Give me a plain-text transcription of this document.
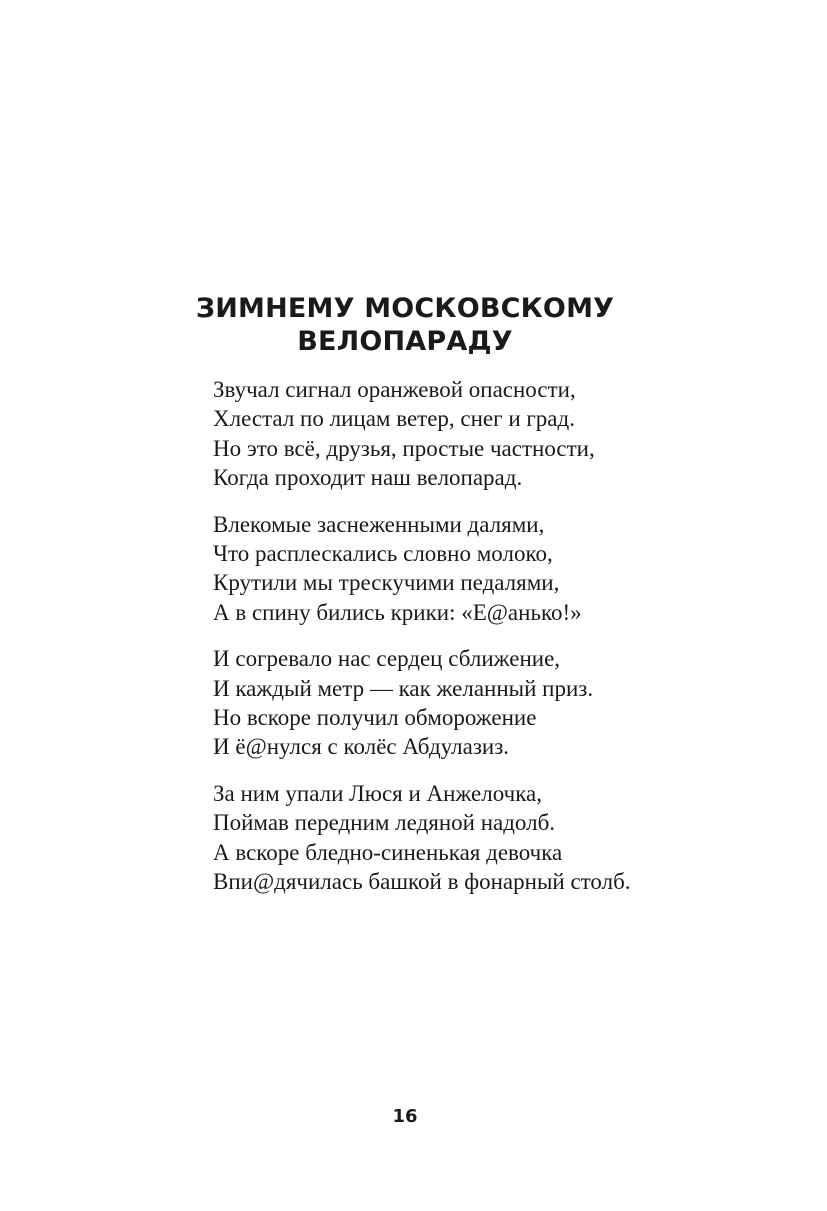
ЗИМНЕМУ МОСКОВСКОМУ
ВЕЛОПАРАДУ
Звучал сигнал оранжевой опасности,
Хлестал по лицам ветер, снег и град.
Но это всё, друзья, простые частности,
Когда проходит наш велопарад.
Влекомые заснеженными далями,
Что расплескались словно молоко,
Крутили мы трескучими педалями,
А в спину бились крики: «Е@анько!»
И согревало нас сердец сближение,
И каждый метр — как желанный приз.
Но вскоре получил обморожение
И ё@нулся с колёс Абдулазиз.
За ним упали Люся и Анжелочка,
Поймав передним ледяной надолб.
А вскоре бледно-синенькая девочка
Впи@дячилась башкой в фонарный столб.
16
